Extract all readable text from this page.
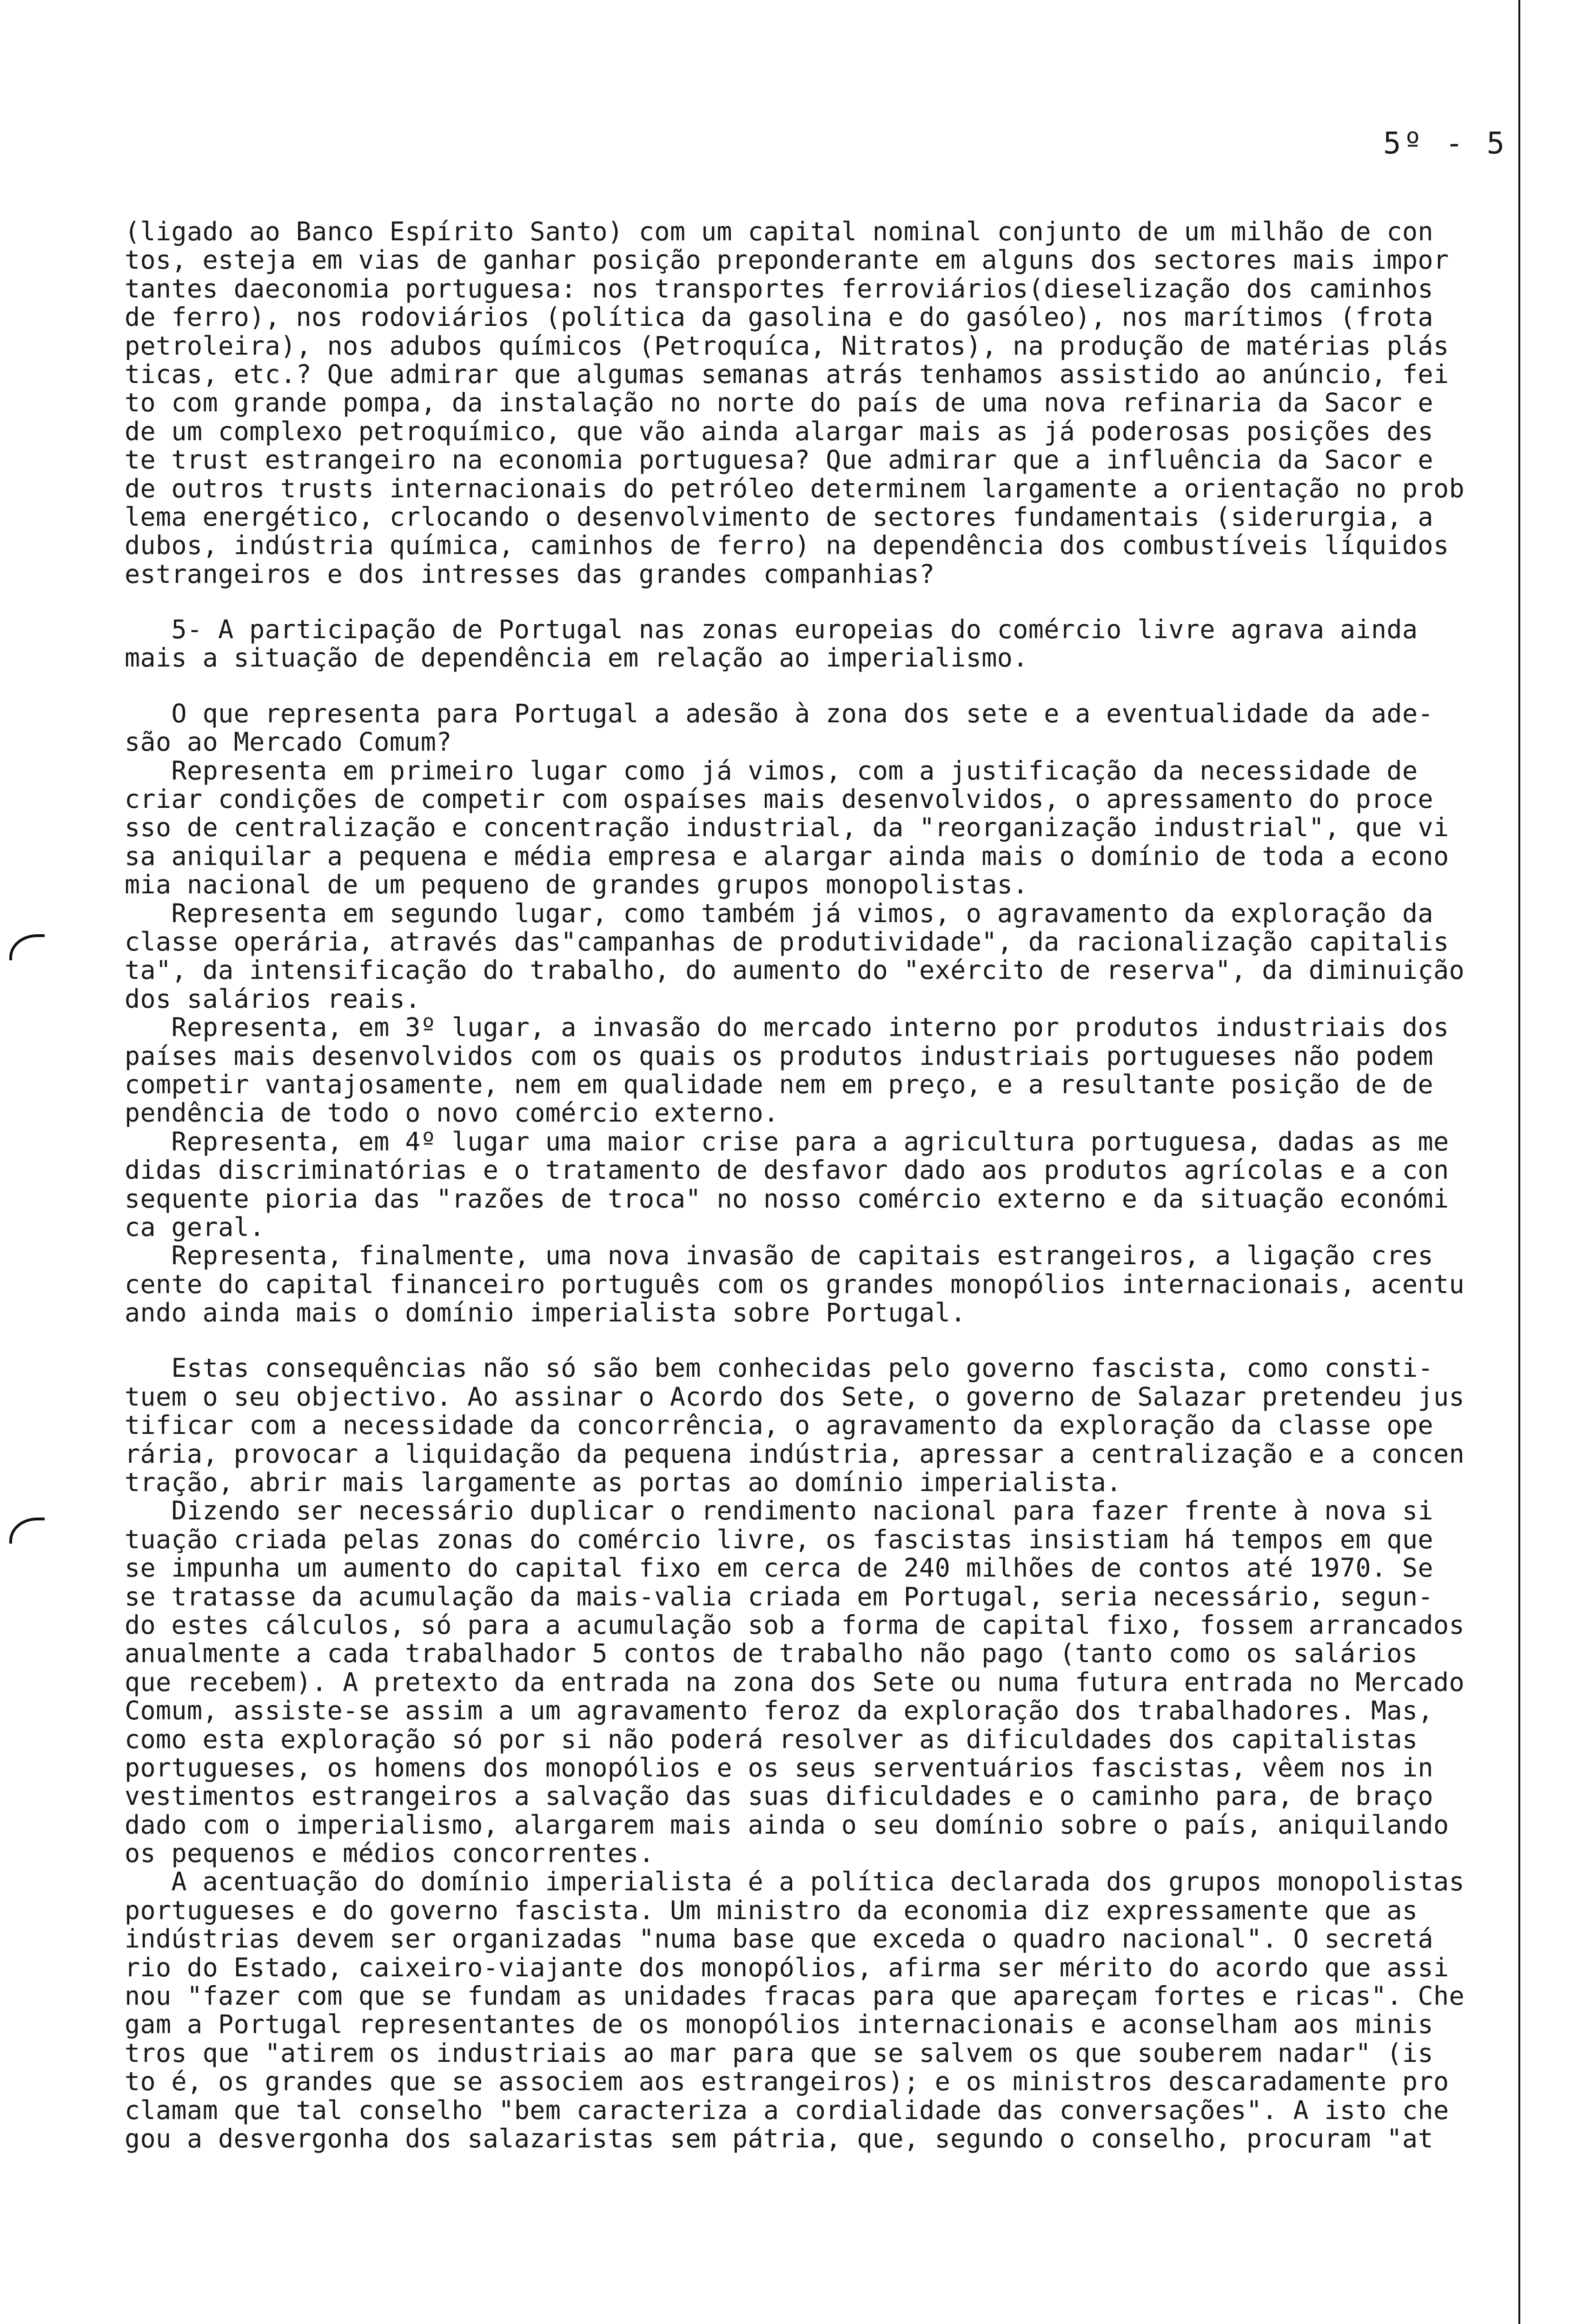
5º - 5
(ligado ao Banco Espírito Santo) com um capital nominal conjunto de um milhão de con
tos, esteja em vias de ganhar posição preponderante em alguns dos sectores mais impor
tantes daeconomia portuguesa: nos transportes ferroviários(dieselização dos caminhos
de ferro), nos rodoviários (política da gasolina e do gasóleo), nos marítimos (frota
petroleira), nos adubos químicos (Petroquíca, Nitratos), na produção de matérias plás
ticas, etc.? Que admirar que algumas semanas atrás tenhamos assistido ao anúncio, fei
to com grande pompa, da instalação no norte do país de uma nova refinaria da Sacor e
de um complexo petroquímico, que vão ainda alargar mais as já poderosas posições des
te trust estrangeiro na economia portuguesa? Que admirar que a influência da Sacor e
de outros trusts internacionais do petróleo determinem largamente a orientação no prob
lema energético, crlocando o desenvolvimento de sectores fundamentais (siderurgia, a
dubos, indústria química, caminhos de ferro) na dependência dos combustíveis líquidos
estrangeiros e dos intresses das grandes companhias?
5- A participação de Portugal nas zonas europeias do comércio livre agrava ainda
mais a situação de dependência em relação ao imperialismo.
O que representa para Portugal a adesão à zona dos sete e a eventualidade da ade-
são ao Mercado Comum?
Representa em primeiro lugar como já vimos, com a justificação da necessidade de
criar condições de competir com ospaíses mais desenvolvidos, o apressamento do proce
sso de centralização e concentração industrial, da "reorganização industrial", que vi
sa aniquilar a pequena e média empresa e alargar ainda mais o domínio de toda a econo
mia nacional de um pequeno de grandes grupos monopolistas.
Representa em segundo lugar, como também já vimos, o agravamento da exploração da
classe operária, através das"campanhas de produtividade", da racionalização capitalis
ta", da intensificação do trabalho, do aumento do "exército de reserva", da diminuição
dos salários reais.
Representa, em 3º lugar, a invasão do mercado interno por produtos industriais dos
países mais desenvolvidos com os quais os produtos industriais portugueses não podem
competir vantajosamente, nem em qualidade nem em preço, e a resultante posição de de
pendência de todo o novo comércio externo.
Representa, em 4º lugar uma maior crise para a agricultura portuguesa, dadas as me
didas discriminatórias e o tratamento de desfavor dado aos produtos agrícolas e a con
sequente pioria das "razões de troca" no nosso comércio externo e da situação económi
ca geral.
Representa, finalmente, uma nova invasão de capitais estrangeiros, a ligação cres
cente do capital financeiro português com os grandes monopólios internacionais, acentu
ando ainda mais o domínio imperialista sobre Portugal.
Estas consequências não só são bem conhecidas pelo governo fascista, como consti-
tuem o seu objectivo. Ao assinar o Acordo dos Sete, o governo de Salazar pretendeu jus
tificar com a necessidade da concorrência, o agravamento da exploração da classe ope
rária, provocar a liquidação da pequena indústria, apressar a centralização e a concen
tração, abrir mais largamente as portas ao domínio imperialista.
Dizendo ser necessário duplicar o rendimento nacional para fazer frente à nova si
tuação criada pelas zonas do comércio livre, os fascistas insistiam há tempos em que
se impunha um aumento do capital fixo em cerca de 240 milhões de contos até 1970. Se
se tratasse da acumulação da mais-valia criada em Portugal, seria necessário, segun-
do estes cálculos, só para a acumulação sob a forma de capital fixo, fossem arrancados
anualmente a cada trabalhador 5 contos de trabalho não pago (tanto como os salários
que recebem). A pretexto da entrada na zona dos Sete ou numa futura entrada no Mercado
Comum, assiste-se assim a um agravamento feroz da exploração dos trabalhadores. Mas,
como esta exploração só por si não poderá resolver as dificuldades dos capitalistas
portugueses, os homens dos monopólios e os seus serventuários fascistas, vêem nos in
vestimentos estrangeiros a salvação das suas dificuldades e o caminho para, de braço
dado com o imperialismo, alargarem mais ainda o seu domínio sobre o país, aniquilando
os pequenos e médios concorrentes.
A acentuação do domínio imperialista é a política declarada dos grupos monopolistas
portugueses e do governo fascista. Um ministro da economia diz expressamente que as
indústrias devem ser organizadas "numa base que exceda o quadro nacional". O secretá
rio do Estado, caixeiro-viajante dos monopólios, afirma ser mérito do acordo que assi
nou "fazer com que se fundam as unidades fracas para que apareçam fortes e ricas". Che
gam a Portugal representantes de os monopólios internacionais e aconselham aos minis
tros que "atirem os industriais ao mar para que se salvem os que souberem nadar" (is
to é, os grandes que se associem aos estrangeiros); e os ministros descaradamente pro
clamam que tal conselho "bem caracteriza a cordialidade das conversações". A isto che
gou a desvergonha dos salazaristas sem pátria, que, segundo o conselho, procuram "at
